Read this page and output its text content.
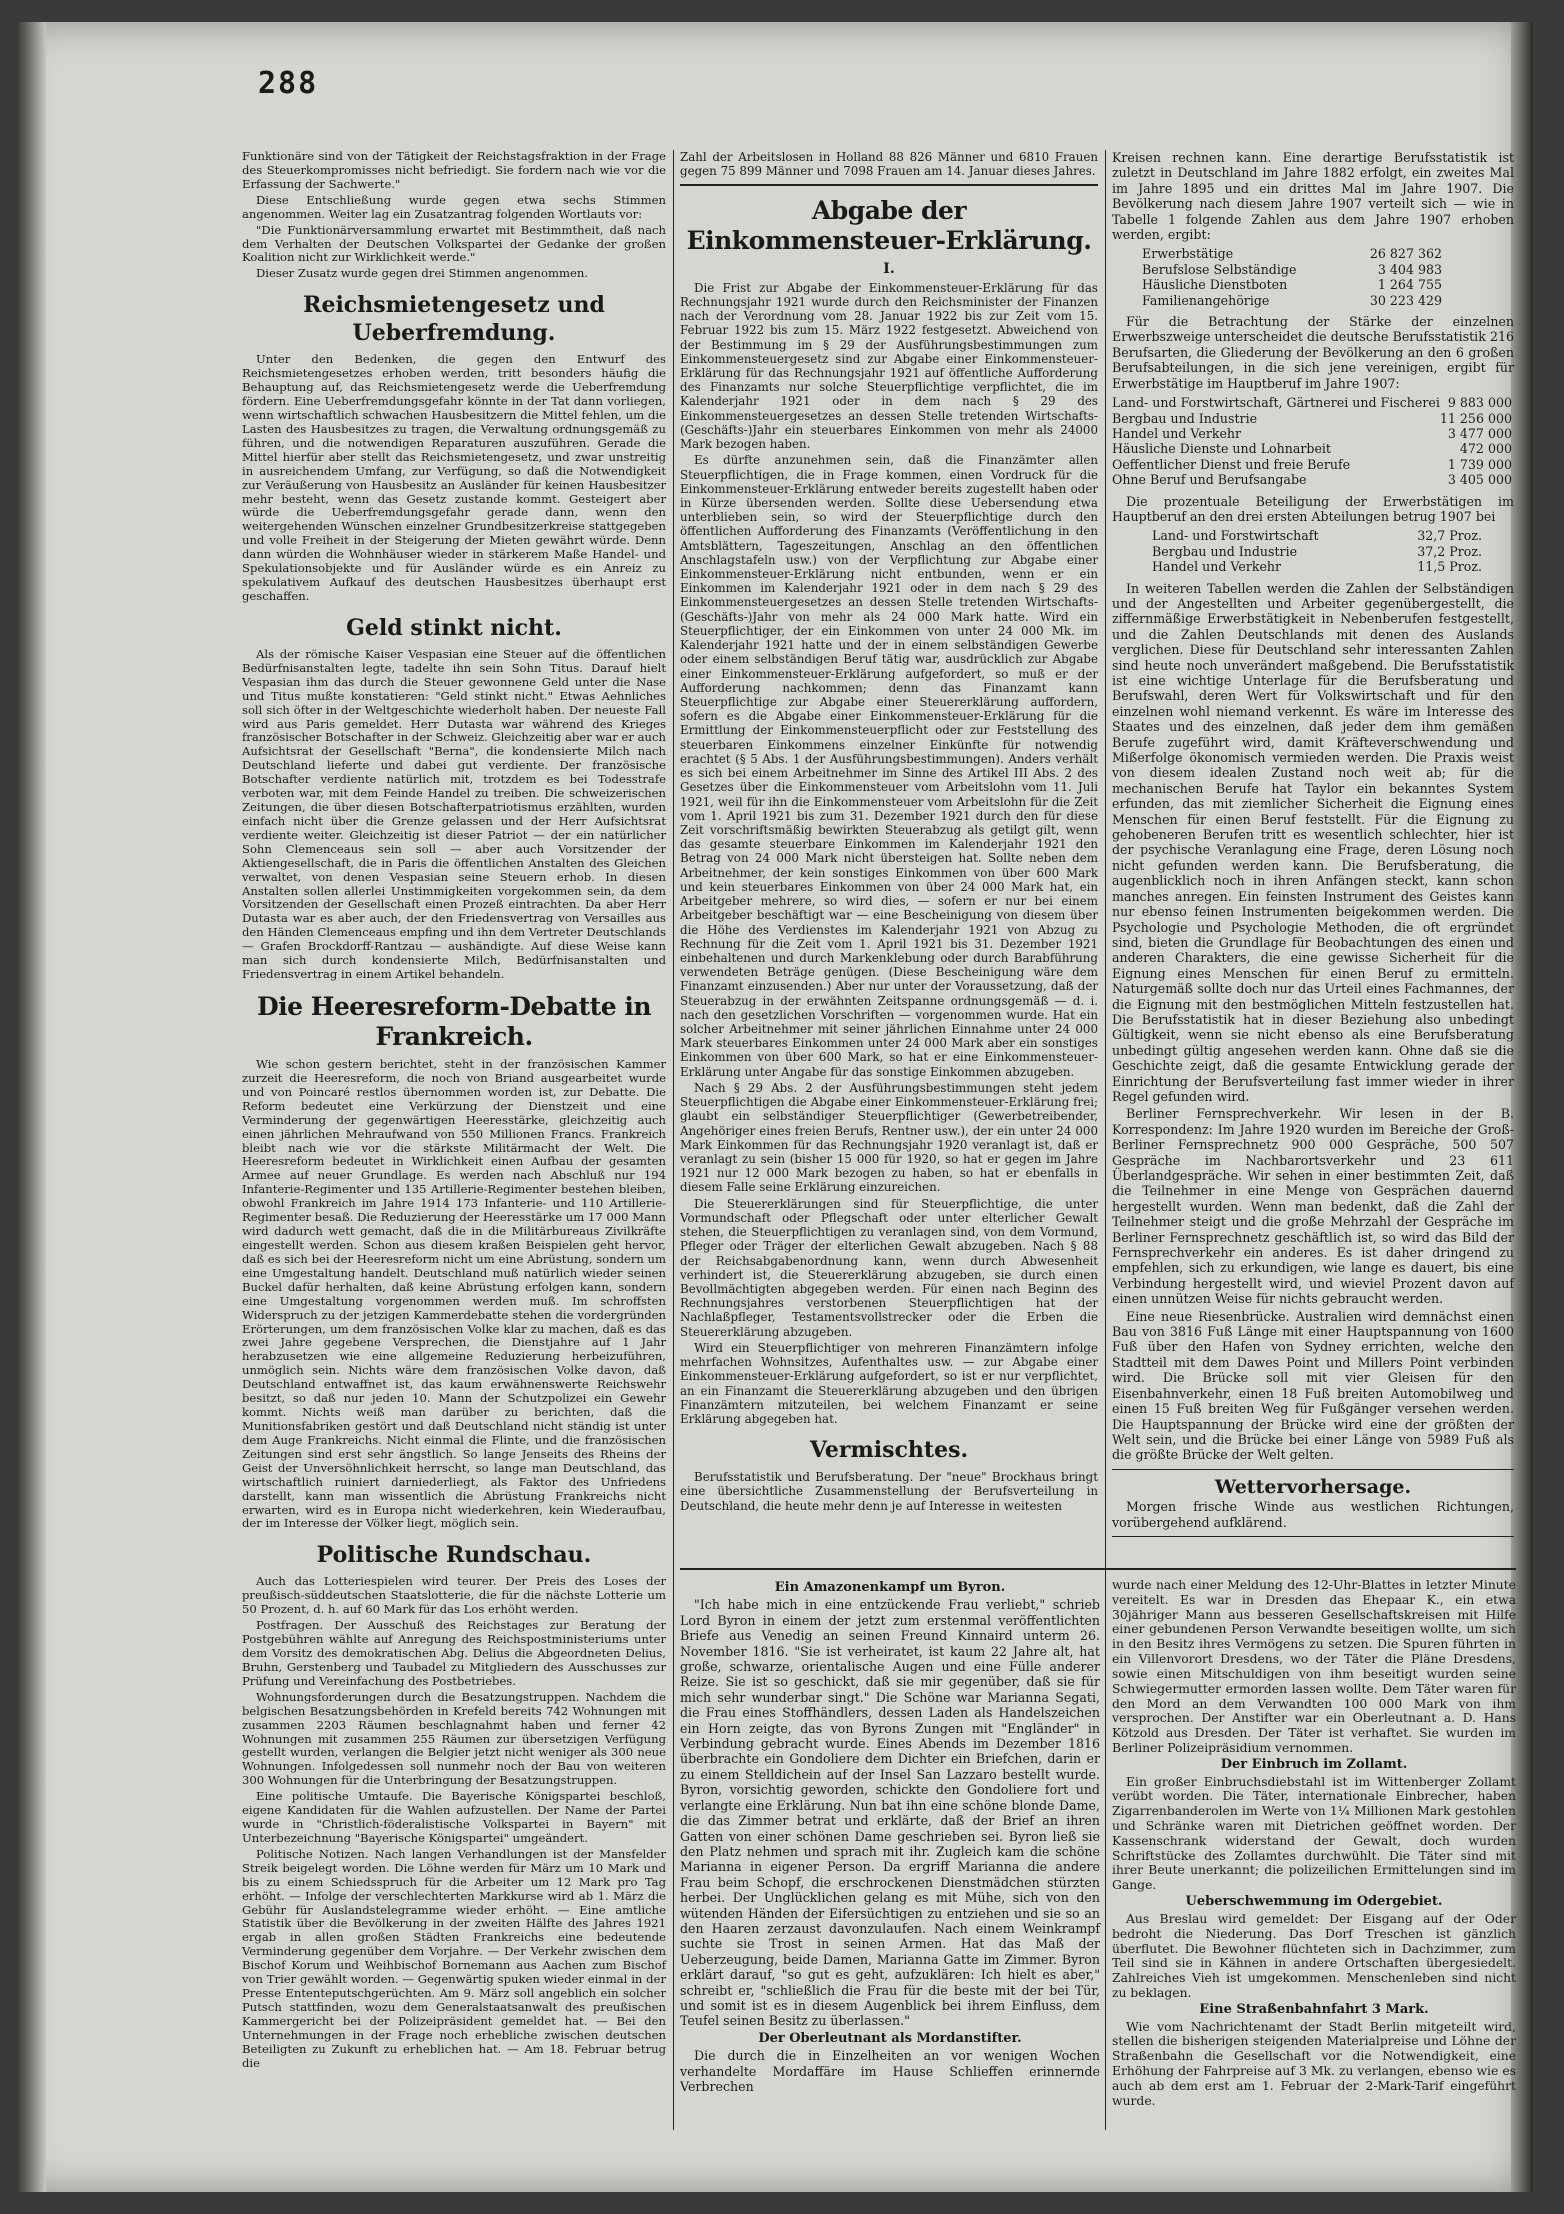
288

Funktionäre sind von der Tätigkeit der Reichstagsfraktion in der Frage des Steuerkompromisses nicht befriedigt. Sie fordern nach wie vor die Erfassung der Sachwerte."

Diese Entschließung wurde gegen etwa sechs Stimmen angenommen. Weiter lag ein Zusatzantrag folgenden Wortlauts vor:

"Die Funktionärversammlung erwartet mit Bestimmtheit, daß nach dem Verhalten der Deutschen Volkspartei der Gedanke der großen Koalition nicht zur Wirklichkeit werde."

Dieser Zusatz wurde gegen drei Stimmen angenommen.

Reichsmietengesetz und Ueberfremdung.

Unter den Bedenken, die gegen den Entwurf des Reichsmietengesetzes erhoben werden, tritt besonders häufig die Behauptung auf, das Reichsmietengesetz werde die Ueberfremdung fördern. Eine Ueberfremdungsgefahr könnte in der Tat dann vorliegen, wenn wirtschaftlich schwachen Hausbesitzern die Mittel fehlen, um die Lasten des Hausbesitzes zu tragen, die Verwaltung ordnungsgemäß zu führen, und die notwendigen Reparaturen auszuführen. Gerade die Mittel hierfür aber stellt das Reichsmietengesetz, und zwar unstreitig in ausreichendem Umfang, zur Verfügung, so daß die Notwendigkeit zur Veräußerung von Hausbesitz an Ausländer für keinen Hausbesitzer mehr besteht, wenn das Gesetz zustande kommt. Gesteigert aber würde die Ueberfremdungsgefahr gerade dann, wenn den weitergehenden Wünschen einzelner Grundbesitzerkreise stattgegeben und volle Freiheit in der Steigerung der Mieten gewährt würde. Denn dann würden die Wohnhäuser wieder in stärkerem Maße Handel- und Spekulationsobjekte und für Ausländer würde es ein Anreiz zu spekulativem Aufkauf des deutschen Hausbesitzes überhaupt erst geschaffen.

Geld stinkt nicht.

Als der römische Kaiser Vespasian eine Steuer auf die öffentlichen Bedürfnisanstalten legte, tadelte ihn sein Sohn Titus. Darauf hielt Vespasian ihm das durch die Steuer gewonnene Geld unter die Nase und Titus mußte konstatieren: "Geld stinkt nicht." Etwas Aehnliches soll sich öfter in der Weltgeschichte wiederholt haben. Der neueste Fall wird aus Paris gemeldet. Herr Dutasta war während des Krieges französischer Botschafter in der Schweiz. Gleichzeitig aber war er auch Aufsichtsrat der Gesellschaft "Berna", die kondensierte Milch nach Deutschland lieferte und dabei gut verdiente. Der französische Botschafter verdiente natürlich mit, trotzdem es bei Todesstrafe verboten war, mit dem Feinde Handel zu treiben. Die schweizerischen Zeitungen, die über diesen Botschafterpatriotismus erzählten, wurden einfach nicht über die Grenze gelassen und der Herr Aufsichtsrat verdiente weiter. Gleichzeitig ist dieser Patriot — der ein natürlicher Sohn Clemenceaus sein soll — aber auch Vorsitzender der Aktiengesellschaft, die in Paris die öffentlichen Anstalten des Gleichen verwaltet, von denen Vespasian seine Steuern erhob. In diesen Anstalten sollen allerlei Unstimmigkeiten vorgekommen sein, da dem Vorsitzenden der Gesellschaft einen Prozeß eintrachten. Da aber Herr Dutasta war es aber auch, der den Friedensvertrag von Versailles aus den Händen Clemenceaus empfing und ihn dem Vertreter Deutschlands — Grafen Brockdorff-Rantzau — aushändigte. Auf diese Weise kann man sich durch kondensierte Milch, Bedürfnisanstalten und Friedensvertrag in einem Artikel behandeln.

Die Heeresreform-Debatte in Frankreich.

Wie schon gestern berichtet, steht in der französischen Kammer zurzeit die Heeresreform, die noch von Briand ausgearbeitet wurde und von Poincaré restlos übernommen worden ist, zur Debatte. Die Reform bedeutet eine Verkürzung der Dienstzeit und eine Verminderung der gegenwärtigen Heeresstärke, gleichzeitig auch einen jährlichen Mehraufwand von 550 Millionen Francs. Frankreich bleibt nach wie vor die stärkste Militärmacht der Welt. Die Heeresreform bedeutet in Wirklichkeit einen Aufbau der gesamten Armee auf neuer Grundlage. Es werden nach Abschluß nur 194 Infanterie-Regimenter und 135 Artillerie-Regimenter bestehen bleiben, obwohl Frankreich im Jahre 1914 173 Infanterie- und 110 Artillerie-Regimenter besaß. Die Reduzierung der Heeresstärke um 17 000 Mann wird dadurch wett gemacht, daß die in die Militärbureaus Zivilkräfte eingestellt werden. Schon aus diesem kraßen Beispielen geht hervor, daß es sich bei der Heeresreform nicht um eine Abrüstung, sondern um eine Umgestaltung handelt. Deutschland muß natürlich wieder seinen Buckel dafür herhalten, daß keine Abrüstung erfolgen kann, sondern eine Umgestaltung vorgenommen werden muß. Im schroffsten Widerspruch zu der jetzigen Kammerdebatte stehen die vordergründen Erörterungen, um dem französischen Volke klar zu machen, daß es das zwei Jahre gegebene Versprechen, die Dienstjahre auf 1 Jahr herabzusetzen wie eine allgemeine Reduzierung herbeizuführen, unmöglich sein. Nichts wäre dem französischen Volke davon, daß Deutschland entwaffnet ist, das kaum erwähnenswerte Reichswehr besitzt, so daß nur jeden 10. Mann der Schutzpolizei ein Gewehr kommt. Nichts weiß man darüber zu berichten, daß die Munitionsfabriken gestört und daß Deutschland nicht ständig ist unter dem Auge Frankreichs. Nicht einmal die Flinte, und die französischen Zeitungen sind erst sehr ängstlich. So lange Jenseits des Rheins der Geist der Unversöhnlichkeit herrscht, so lange man Deutschland, das wirtschaftlich ruiniert darniederliegt, als Faktor des Unfriedens darstellt, kann man wissentlich die Abrüstung Frankreichs nicht erwarten, wird es in Europa nicht wiederkehren, kein Wiederaufbau, der im Interesse der Völker liegt, möglich sein.

Politische Rundschau.

Auch das Lotteriespielen wird teurer. Der Preis des Loses der preußisch-süddeutschen Staatslotterie, die für die nächste Lotterie um 50 Prozent, d. h. auf 60 Mark für das Los erhöht werden.

Postfragen. Der Ausschuß des Reichstages zur Beratung der Postgebühren wählte auf Anregung des Reichspostministeriums unter dem Vorsitz des demokratischen Abg. Delius die Abgeordneten Delius, Bruhn, Gerstenberg und Taubadel zu Mitgliedern des Ausschusses zur Prüfung und Vereinfachung des Postbetriebes.

Wohnungsforderungen durch die Besatzungstruppen. Nachdem die belgischen Besatzungsbehörden in Krefeld bereits 742 Wohnungen mit zusammen 2203 Räumen beschlagnahmt haben und ferner 42 Wohnungen mit zusammen 255 Räumen zur übersetzigen Verfügung gestellt wurden, verlangen die Belgier jetzt nicht weniger als 300 neue Wohnungen. Infolgedessen soll nunmehr noch der Bau von weiteren 300 Wohnungen für die Unterbringung der Besatzungstruppen.

Eine politische Umtaufe. Die Bayerische Königspartei beschloß, eigene Kandidaten für die Wahlen aufzustellen. Der Name der Partei wurde in "Christlich-föderalistische Volkspartei in Bayern" mit Unterbezeichnung "Bayerische Königspartei" umgeändert.

Politische Notizen. Nach langen Verhandlungen ist der Mansfelder Streik beigelegt worden. Die Löhne werden für März um 10 Mark und bis zu einem Schiedsspruch für die Arbeiter um 12 Mark pro Tag erhöht. — Infolge der verschlechterten Markkurse wird ab 1. März die Gebühr für Auslandstelegramme wieder erhöht. — Eine amtliche Statistik über die Bevölkerung in der zweiten Hälfte des Jahres 1921 ergab in allen großen Städten Frankreichs eine bedeutende Verminderung gegenüber dem Vorjahre. — Der Verkehr zwischen dem Bischof Korum und Weihbischof Bornemann aus Aachen zum Bischof von Trier gewählt worden. — Gegenwärtig spuken wieder einmal in der Presse Ententeputschgerüchten. Am 9. März soll angeblich ein solcher Putsch stattfinden, wozu dem Generalstaatsanwalt des preußischen Kammergericht bei der Polizeipräsident gemeldet hat. — Bei den Unternehmungen in der Frage noch erhebliche zwischen deutschen Beteiligten zu Zukunft zu erheblichen hat. — Am 18. Februar betrug die

Zahl der Arbeitslosen in Holland 88 826 Männer und 6810 Frauen gegen 75 899 Männer und 7098 Frauen am 14. Januar dieses Jahres.

Abgabe der Einkommensteuer-Erklärung.
I.

Die Frist zur Abgabe der Einkommensteuer-Erklärung für das Rechnungsjahr 1921 wurde durch den Reichsminister der Finanzen nach der Verordnung vom 28. Januar 1922 bis zur Zeit vom 15. Februar 1922 bis zum 15. März 1922 festgesetzt. Abweichend von der Bestimmung im § 29 der Ausführungsbestimmungen zum Einkommensteuergesetz sind zur Abgabe einer Einkommensteuer-Erklärung für das Rechnungsjahr 1921 auf öffentliche Aufforderung des Finanzamts nur solche Steuerpflichtige verpflichtet, die im Kalenderjahr 1921 oder in dem nach § 29 des Einkommensteuergesetzes an dessen Stelle tretenden Wirtschafts-(Geschäfts-)Jahr ein steuerbares Einkommen von mehr als 24000 Mark bezogen haben.

Es dürfte anzunehmen sein, daß die Finanzämter allen Steuerpflichtigen, die in Frage kommen, einen Vordruck für die Einkommensteuer-Erklärung entweder bereits zugestellt haben oder in Kürze übersenden werden. Sollte diese Uebersendung etwa unterblieben sein, so wird der Steuerpflichtige durch den öffentlichen Aufforderung des Finanzamts (Veröffentlichung in den Amtsblättern, Tageszeitungen, Anschlag an den öffentlichen Anschlagstafeln usw.) von der Verpflichtung zur Abgabe einer Einkommensteuer-Erklärung nicht entbunden, wenn er ein Einkommen im Kalenderjahr 1921 oder in dem nach § 29 des Einkommensteuergesetzes an dessen Stelle tretenden Wirtschafts-(Geschäfts-)Jahr von mehr als 24 000 Mark hatte. Wird ein Steuerpflichtiger, der ein Einkommen von unter 24 000 Mk. im Kalenderjahr 1921 hatte und der in einem selbständigen Gewerbe oder einem selbständigen Beruf tätig war, ausdrücklich zur Abgabe einer Einkommensteuer-Erklärung aufgefordert, so muß er der Aufforderung nachkommen; denn das Finanzamt kann Steuerpflichtige zur Abgabe einer Steuererklärung auffordern, sofern es die Abgabe einer Einkommensteuer-Erklärung für die Ermittlung der Einkommensteuerpflicht oder zur Feststellung des steuerbaren Einkommens einzelner Einkünfte für notwendig erachtet (§ 5 Abs. 1 der Ausführungsbestimmungen). Anders verhält es sich bei einem Arbeitnehmer im Sinne des Artikel III Abs. 2 des Gesetzes über die Einkommensteuer vom Arbeitslohn vom 11. Juli 1921, weil für ihn die Einkommensteuer vom Arbeitslohn für die Zeit vom 1. April 1921 bis zum 31. Dezember 1921 durch den für diese Zeit vorschriftsmäßig bewirkten Steuerabzug als getilgt gilt, wenn das gesamte steuerbare Einkommen im Kalenderjahr 1921 den Betrag von 24 000 Mark nicht übersteigen hat. Sollte neben dem Arbeitnehmer, der kein sonstiges Einkommen von über 600 Mark und kein steuerbares Einkommen von über 24 000 Mark hat, ein Arbeitgeber mehrere, so wird dies, — sofern er nur bei einem Arbeitgeber beschäftigt war — eine Bescheinigung von diesem über die Höhe des Verdienstes im Kalenderjahr 1921 von Abzug zu Rechnung für die Zeit vom 1. April 1921 bis 31. Dezember 1921 einbehaltenen und durch Markenklebung oder durch Barabführung verwendeten Beträge genügen. (Diese Bescheinigung wäre dem Finanzamt einzusenden.) Aber nur unter der Voraussetzung, daß der Steuerabzug in der erwähnten Zeitspanne ordnungsgemäß — d. i. nach den gesetzlichen Vorschriften — vorgenommen wurde. Hat ein solcher Arbeitnehmer mit seiner jährlichen Einnahme unter 24 000 Mark steuerbares Einkommen unter 24 000 Mark aber ein sonstiges Einkommen von über 600 Mark, so hat er eine Einkommensteuer-Erklärung unter Angabe für das sonstige Einkommen abzugeben.

Nach § 29 Abs. 2 der Ausführungsbestimmungen steht jedem Steuerpflichtigen die Abgabe einer Einkommensteuer-Erklärung frei; glaubt ein selbständiger Steuerpflichtiger (Gewerbetreibender, Angehöriger eines freien Berufs, Rentner usw.), der ein unter 24 000 Mark Einkommen für das Rechnungsjahr 1920 veranlagt ist, daß er veranlagt zu sein (bisher 15 000 für 1920, so hat er gegen im Jahre 1921 nur 12 000 Mark bezogen zu haben, so hat er ebenfalls in diesem Falle seine Erklärung einzureichen.

Die Steuererklärungen sind für Steuerpflichtige, die unter Vormundschaft oder Pflegschaft oder unter elterlicher Gewalt stehen, die Steuerpflichtigen zu veranlagen sind, von dem Vormund, Pfleger oder Träger der elterlichen Gewalt abzugeben. Nach § 88 der Reichsabgabenordnung kann, wenn durch Abwesenheit verhindert ist, die Steuererklärung abzugeben, sie durch einen Bevollmächtigten abgegeben werden. Für einen nach Beginn des Rechnungsjahres verstorbenen Steuerpflichtigen hat der Nachlaßpfleger, Testamentsvollstrecker oder die Erben die Steuererklärung abzugeben.

Wird ein Steuerpflichtiger von mehreren Finanzämtern infolge mehrfachen Wohnsitzes, Aufenthaltes usw. — zur Abgabe einer Einkommensteuer-Erklärung aufgefordert, so ist er nur verpflichtet, an ein Finanzamt die Steuererklärung abzugeben und den übrigen Finanzämtern mitzuteilen, bei welchem Finanzamt er seine Erklärung abgegeben hat.

Vermischtes.

Berufsstatistik und Berufsberatung. Der "neue" Brockhaus bringt eine übersichtliche Zusammenstellung der Berufsverteilung in Deutschland, die heute mehr denn je auf Interesse in weitesten

Kreisen rechnen kann. Eine derartige Berufsstatistik ist zuletzt in Deutschland im Jahre 1882 erfolgt, ein zweites Mal im Jahre 1895 und ein drittes Mal im Jahre 1907. Die Bevölkerung nach diesem Jahre 1907 verteilt sich — wie in Tabelle 1 folgende Zahlen aus dem Jahre 1907 erhoben werden, ergibt:

Erwerbstätige	26 827 362
Berufslose Selbständige	3 404 983
Häusliche Dienstboten	1 264 755
Familienangehörige	30 223 429

Für die Betrachtung der Stärke der einzelnen Erwerbszweige unterscheidet die deutsche Berufsstatistik 216 Berufsarten, die Gliederung der Bevölkerung an den 6 großen Berufsabteilungen, in die sich jene vereinigen, ergibt für Erwerbstätige im Hauptberuf im Jahre 1907:

Land- und Forstwirtschaft, Gärtnerei und Fischerei 9 883 000
Bergbau und Industrie	11 256 000
Handel und Verkehr	3 477 000
Häusliche Dienste und Lohnarbeit	472 000
Oeffentlicher Dienst und freie Berufe	1 739 000
Ohne Beruf und Berufsangabe	3 405 000

Die prozentuale Beteiligung der Erwerbstätigen im Hauptberuf an den drei ersten Abteilungen betrug 1907 bei

Land- und Forstwirtschaft	32,7 Proz.
Bergbau und Industrie	37,2 Proz.
Handel und Verkehr	11,5 Proz.

In weiteren Tabellen werden die Zahlen der Selbständigen und der Angestellten und Arbeiter gegenübergestellt, die ziffernmäßige Erwerbstätigkeit in Nebenberufen festgestellt, und die Zahlen Deutschlands mit denen des Auslands verglichen. Diese für Deutschland sehr interessanten Zahlen sind heute noch unverändert maßgebend. Die Berufsstatistik ist eine wichtige Unterlage für die Berufsberatung und Berufswahl, deren Wert für Volkswirtschaft und für den einzelnen wohl niemand verkennt. Es wäre im Interesse des Staates und des einzelnen, daß jeder dem ihm gemäßen Berufe zugeführt wird, damit Kräfteverschwendung und Mißerfolge ökonomisch vermieden werden. Die Praxis weist von diesem idealen Zustand noch weit ab; für die mechanischen Berufe hat Taylor ein bekanntes System erfunden, das mit ziemlicher Sicherheit die Eignung eines Menschen für einen Beruf feststellt. Für die Eignung zu gehobeneren Berufen tritt es wesentlich schlechter, hier ist der psychische Veranlagung eine Frage, deren Lösung noch nicht gefunden werden kann. Die Berufsberatung, die augenblicklich noch in ihren Anfängen steckt, kann schon manches anregen. Ein feinsten Instrument des Geistes kann nur ebenso feinen Instrumenten beigekommen werden. Die Psychologie und Psychologie Methoden, die oft ergründet sind, bieten die Grundlage für Beobachtungen des einen und anderen Charakters, die eine gewisse Sicherheit für die Eignung eines Menschen für einen Beruf zu ermitteln. Naturgemäß sollte doch nur das Urteil eines Fachmannes, der die Eignung mit den bestmöglichen Mitteln festzustellen hat. Die Berufsstatistik hat in dieser Beziehung also unbedingt Gültigkeit, wenn sie nicht ebenso als eine Berufsberatung unbedingt gültig angesehen werden kann. Ohne daß sie die Geschichte zeigt, daß die gesamte Entwicklung gerade der Einrichtung der Berufsverteilung fast immer wieder in ihrer Regel gefunden wird.

Berliner Fernsprechverkehr. Wir lesen in der B. Korrespondenz: Im Jahre 1920 wurden im Bereiche der Groß-Berliner Fernsprechnetz 900 000 Gespräche, 500 507 Gespräche im Nachbarortsverkehr und 23 611 Überlandgespräche. Wir sehen in einer bestimmten Zeit, daß die Teilnehmer in eine Menge von Gesprächen dauernd hergestellt wurden. Wenn man bedenkt, daß die Zahl der Teilnehmer steigt und die große Mehrzahl der Gespräche im Berliner Fernsprechnetz geschäftlich ist, so wird das Bild der Fernsprechverkehr ein anderes. Es ist daher dringend zu empfehlen, sich zu erkundigen, wie lange es dauert, bis eine Verbindung hergestellt wird, und wieviel Prozent davon auf einen unnützen Weise für nichts gebraucht werden.

Eine neue Riesenbrücke. Australien wird demnächst einen Bau von 3816 Fuß Länge mit einer Hauptspannung von 1600 Fuß über den Hafen von Sydney errichten, welche den Stadtteil mit dem Dawes Point und Millers Point verbinden wird. Die Brücke soll mit vier Gleisen für den Eisenbahnverkehr, einen 18 Fuß breiten Automobilweg und einen 15 Fuß breiten Weg für Fußgänger versehen werden. Die Hauptspannung der Brücke wird eine der größten der Welt sein, und die Brücke bei einer Länge von 5989 Fuß als die größte Brücke der Welt gelten.

Wettervorhersage.

Morgen frische Winde aus westlichen Richtungen, vorübergehend aufklärend.

Ein Amazonenkampf um Byron.

"Ich habe mich in eine entzückende Frau verliebt," schrieb Lord Byron in einem der jetzt zum erstenmal veröffentlichten Briefe aus Venedig an seinen Freund Kinnaird unterm 26. November 1816. "Sie ist verheiratet, ist kaum 22 Jahre alt, hat große, schwarze, orientalische Augen und eine Fülle anderer Reize. Sie ist so geschickt, daß sie mir gegenüber, daß sie für mich sehr wunderbar singt." Die Schöne war Marianna Segati, die Frau eines Stoffhändlers, dessen Laden als Handelszeichen ein Horn zeigte, das von Byrons Zungen mit "Engländer" in Verbindung gebracht wurde. Eines Abends im Dezember 1816 überbrachte ein Gondoliere dem Dichter ein Briefchen, darin er zu einem Stelldichein auf der Insel San Lazzaro bestellt wurde. Byron, vorsichtig geworden, schickte den Gondoliere fort und verlangte eine Erklärung. Nun bat ihn eine schöne blonde Dame, die das Zimmer betrat und erklärte, daß der Brief an ihren Gatten von einer schönen Dame geschrieben sei. Byron ließ sie den Platz nehmen und sprach mit ihr. Zugleich kam die schöne Marianna in eigener Person. Da ergriff Marianna die andere Frau beim Schopf, die erschrockenen Dienstmädchen stürzten herbei. Der Unglücklichen gelang es mit Mühe, sich von den wütenden Händen der Eifersüchtigen zu entziehen und sie so an den Haaren zerzaust davonzulaufen. Nach einem Weinkrampf suchte sie Trost in seinen Armen. Hat das Maß der Ueberzeugung, beide Damen, Marianna Gatte im Zimmer. Byron erklärt darauf, "so gut es geht, aufzuklären: Ich hielt es aber," schreibt er, "schließlich die Frau für die beste mit der bei Tür, und somit ist es in diesem Augenblick bei ihrem Einfluss, dem Teufel seinen Besitz zu überlassen."

Der Oberleutnant als Mordanstifter.

Die durch die in Einzelheiten an vor wenigen Wochen verhandelte Mordaffäre im Hause Schlieffen erinnernde Verbrechen

wurde nach einer Meldung des 12-Uhr-Blattes in letzter Minute vereitelt. Es war in Dresden das Ehepaar K., ein etwa 30jähriger Mann aus besseren Gesellschaftskreisen mit Hilfe einer gebundenen Person Verwandte beseitigen wollte, um sich in den Besitz ihres Vermögens zu setzen. Die Spuren führten in ein Villenvorort Dresdens, wo der Täter die Pläne Dresdens, sowie einen Mitschuldigen von ihm beseitigt wurden seine Schwiegermutter ermorden lassen wollte. Dem Täter waren für den Mord an dem Verwandten 100 000 Mark von ihm versprochen. Der Anstifter war ein Oberleutnant a. D. Hans Kötzold aus Dresden. Der Täter ist verhaftet. Sie wurden im Berliner Polizeipräsidium vernommen.

Der Einbruch im Zollamt.

Ein großer Einbruchsdiebstahl ist im Wittenberger Zollamt verübt worden. Die Täter, internationale Einbrecher, haben Zigarrenbanderolen im Werte von 1¼ Millionen Mark gestohlen und Schränke waren mit Dietrichen geöffnet worden. Der Kassenschrank widerstand der Gewalt, doch wurden Schriftstücke des Zollamtes durchwühlt. Die Täter sind mit ihrer Beute unerkannt; die polizeilichen Ermittelungen sind im Gange.

Ueberschwemmung im Odergebiet.

Aus Breslau wird gemeldet: Der Eisgang auf der Oder bedroht die Niederung. Das Dorf Treschen ist gänzlich überflutet. Die Bewohner flüchteten sich in Dachzimmer, zum Teil sind sie in Kähnen in andere Ortschaften übergesiedelt. Zahlreiches Vieh ist umgekommen. Menschenleben sind nicht zu beklagen.

Eine Straßenbahnfahrt 3 Mark.

Wie vom Nachrichtenamt der Stadt Berlin mitgeteilt wird, stellen die bisherigen steigenden Materialpreise und Löhne der Straßenbahn die Gesellschaft vor die Notwendigkeit, eine Erhöhung der Fahrpreise auf 3 Mk. zu verlangen, ebenso wie es auch ab dem erst am 1. Februar der 2-Mark-Tarif eingeführt wurde.
